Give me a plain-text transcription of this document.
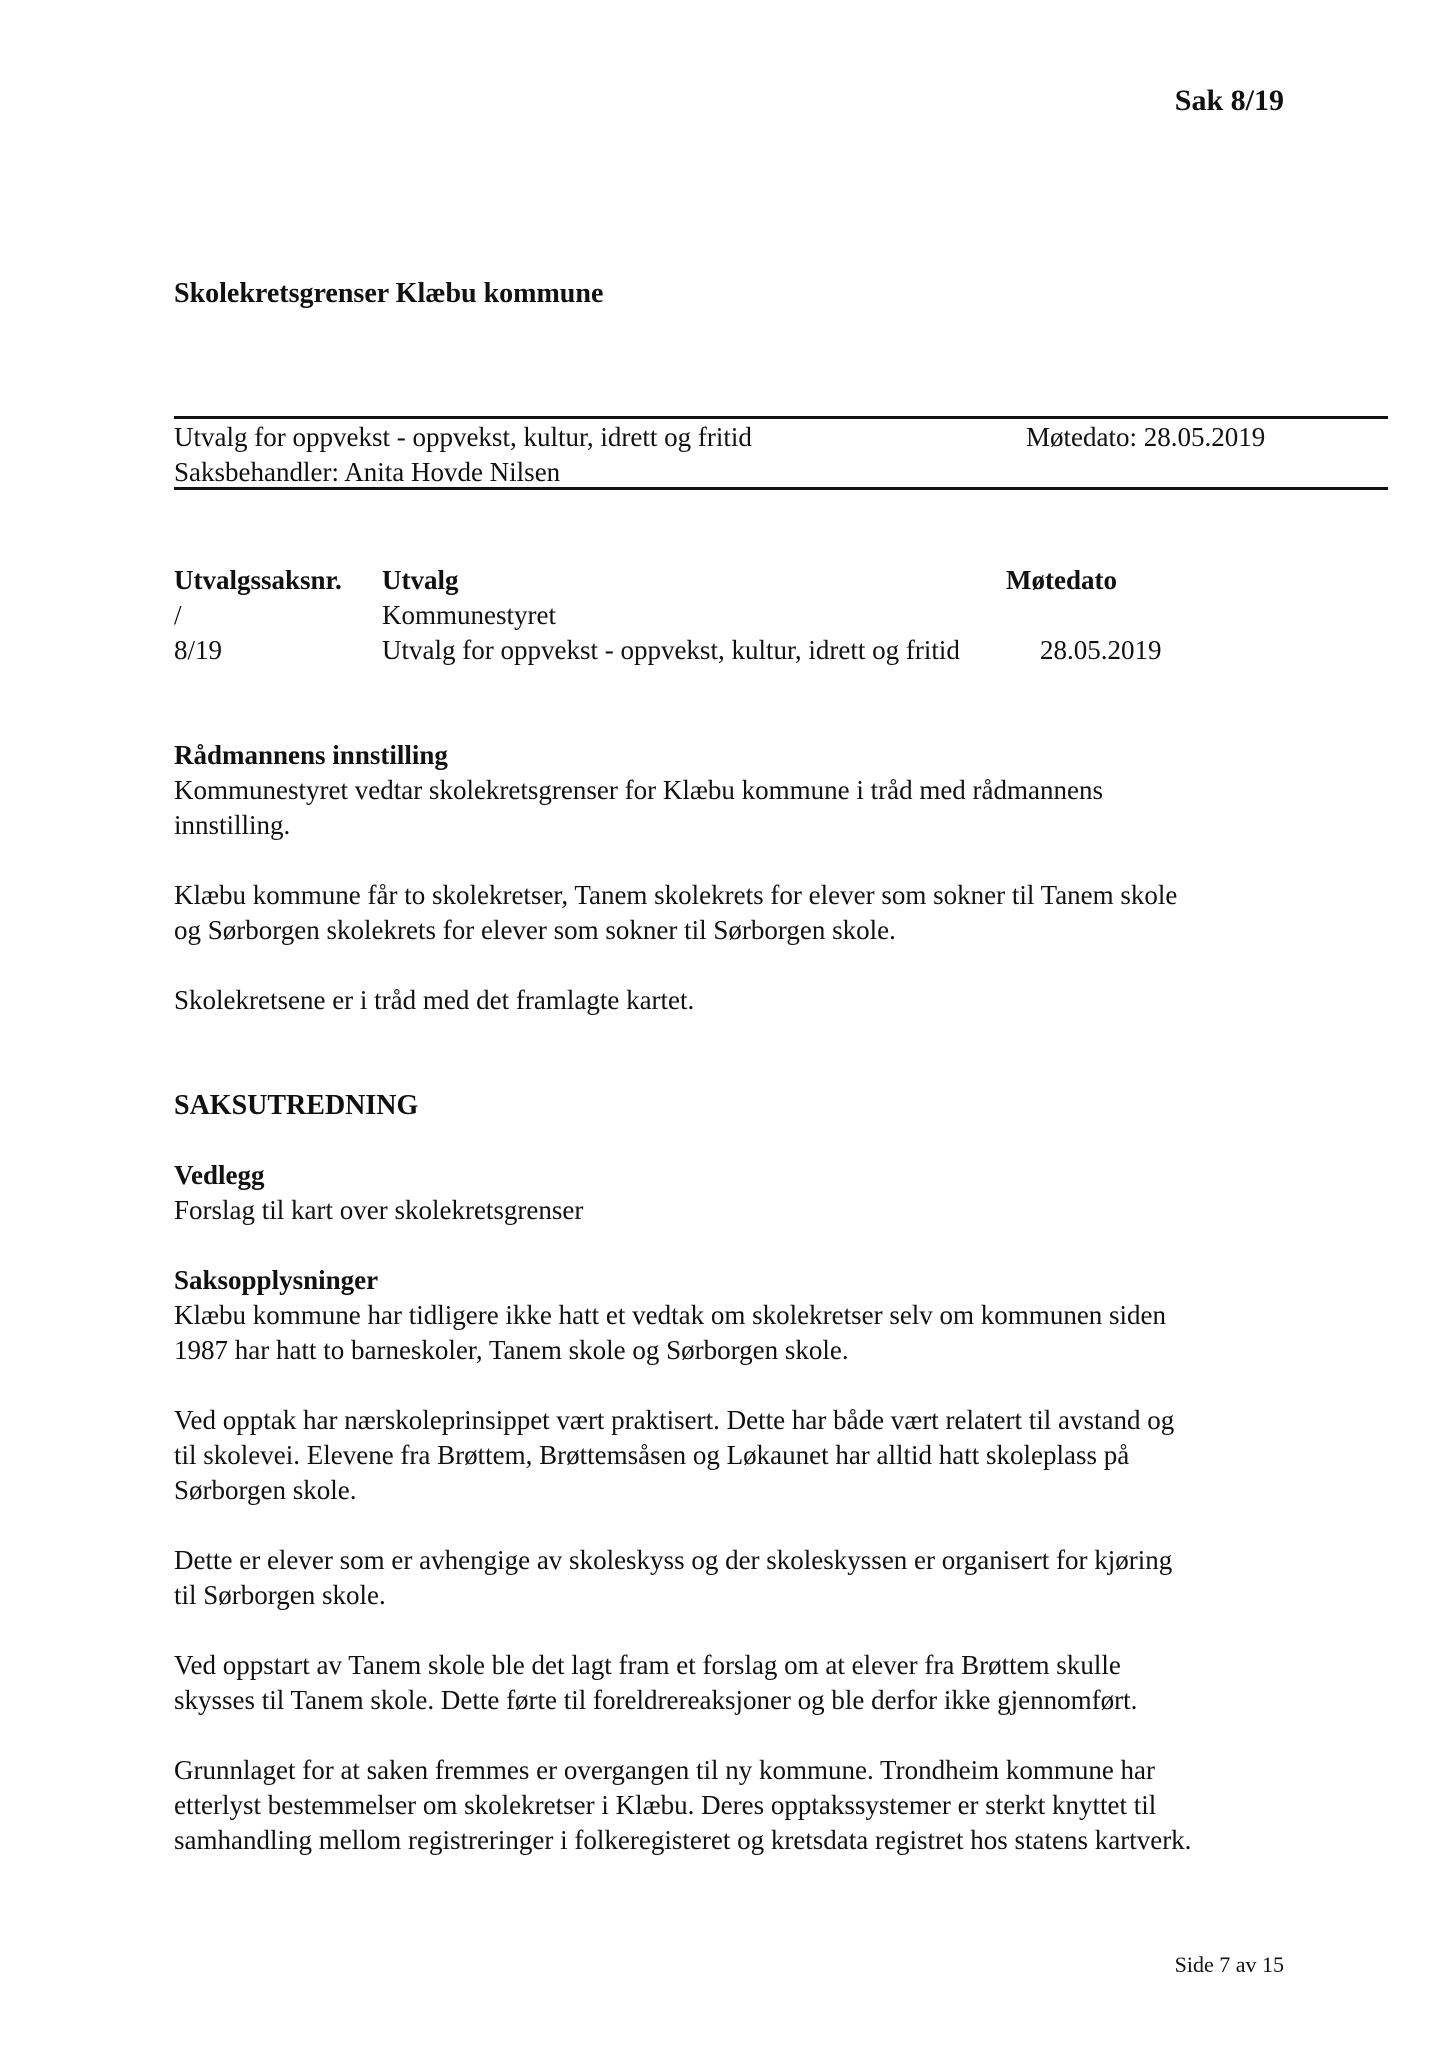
Sak 8/19
Skolekretsgrenser Klæbu kommune
Utvalg for oppvekst - oppvekst, kultur, idrett og fritid	Møtedato: 28.05.2019
Saksbehandler: Anita Hovde Nilsen
Utvalgssaksnr. Utvalg	Møtedato
/	Kommunestyret
8/19	Utvalg for oppvekst - oppvekst, kultur, idrett og fritid	28.05.2019
Rådmannens innstilling
Kommunestyret vedtar skolekretsgrenser for Klæbu kommune i tråd med rådmannens
innstilling.
Klæbu kommune får to skolekretser, Tanem skolekrets for elever som sokner til Tanem skole
og Sørborgen skolekrets for elever som sokner til Sørborgen skole.
Skolekretsene er i tråd med det framlagte kartet.
SAKSUTREDNING
Vedlegg
Forslag til kart over skolekretsgrenser
Saksopplysninger
Klæbu kommune har tidligere ikke hatt et vedtak om skolekretser selv om kommunen siden
1987 har hatt to barneskoler, Tanem skole og Sørborgen skole.
Ved opptak har nærskoleprinsippet vært praktisert. Dette har både vært relatert til avstand og
til skolevei. Elevene fra Brøttem, Brøttemsåsen og Løkaunet har alltid hatt skoleplass på
Sørborgen skole.
Dette er elever som er avhengige av skoleskyss og der skoleskyssen er organisert for kjøring
til Sørborgen skole.
Ved oppstart av Tanem skole ble det lagt fram et forslag om at elever fra Brøttem skulle
skysses til Tanem skole. Dette førte til foreldrereaksjoner og ble derfor ikke gjennomført.
Grunnlaget for at saken fremmes er overgangen til ny kommune. Trondheim kommune har
etterlyst bestemmelser om skolekretser i Klæbu. Deres opptakssystemer er sterkt knyttet til
samhandling mellom registreringer i folkeregisteret og kretsdata registret hos statens kartverk.
Side 7 av 15
